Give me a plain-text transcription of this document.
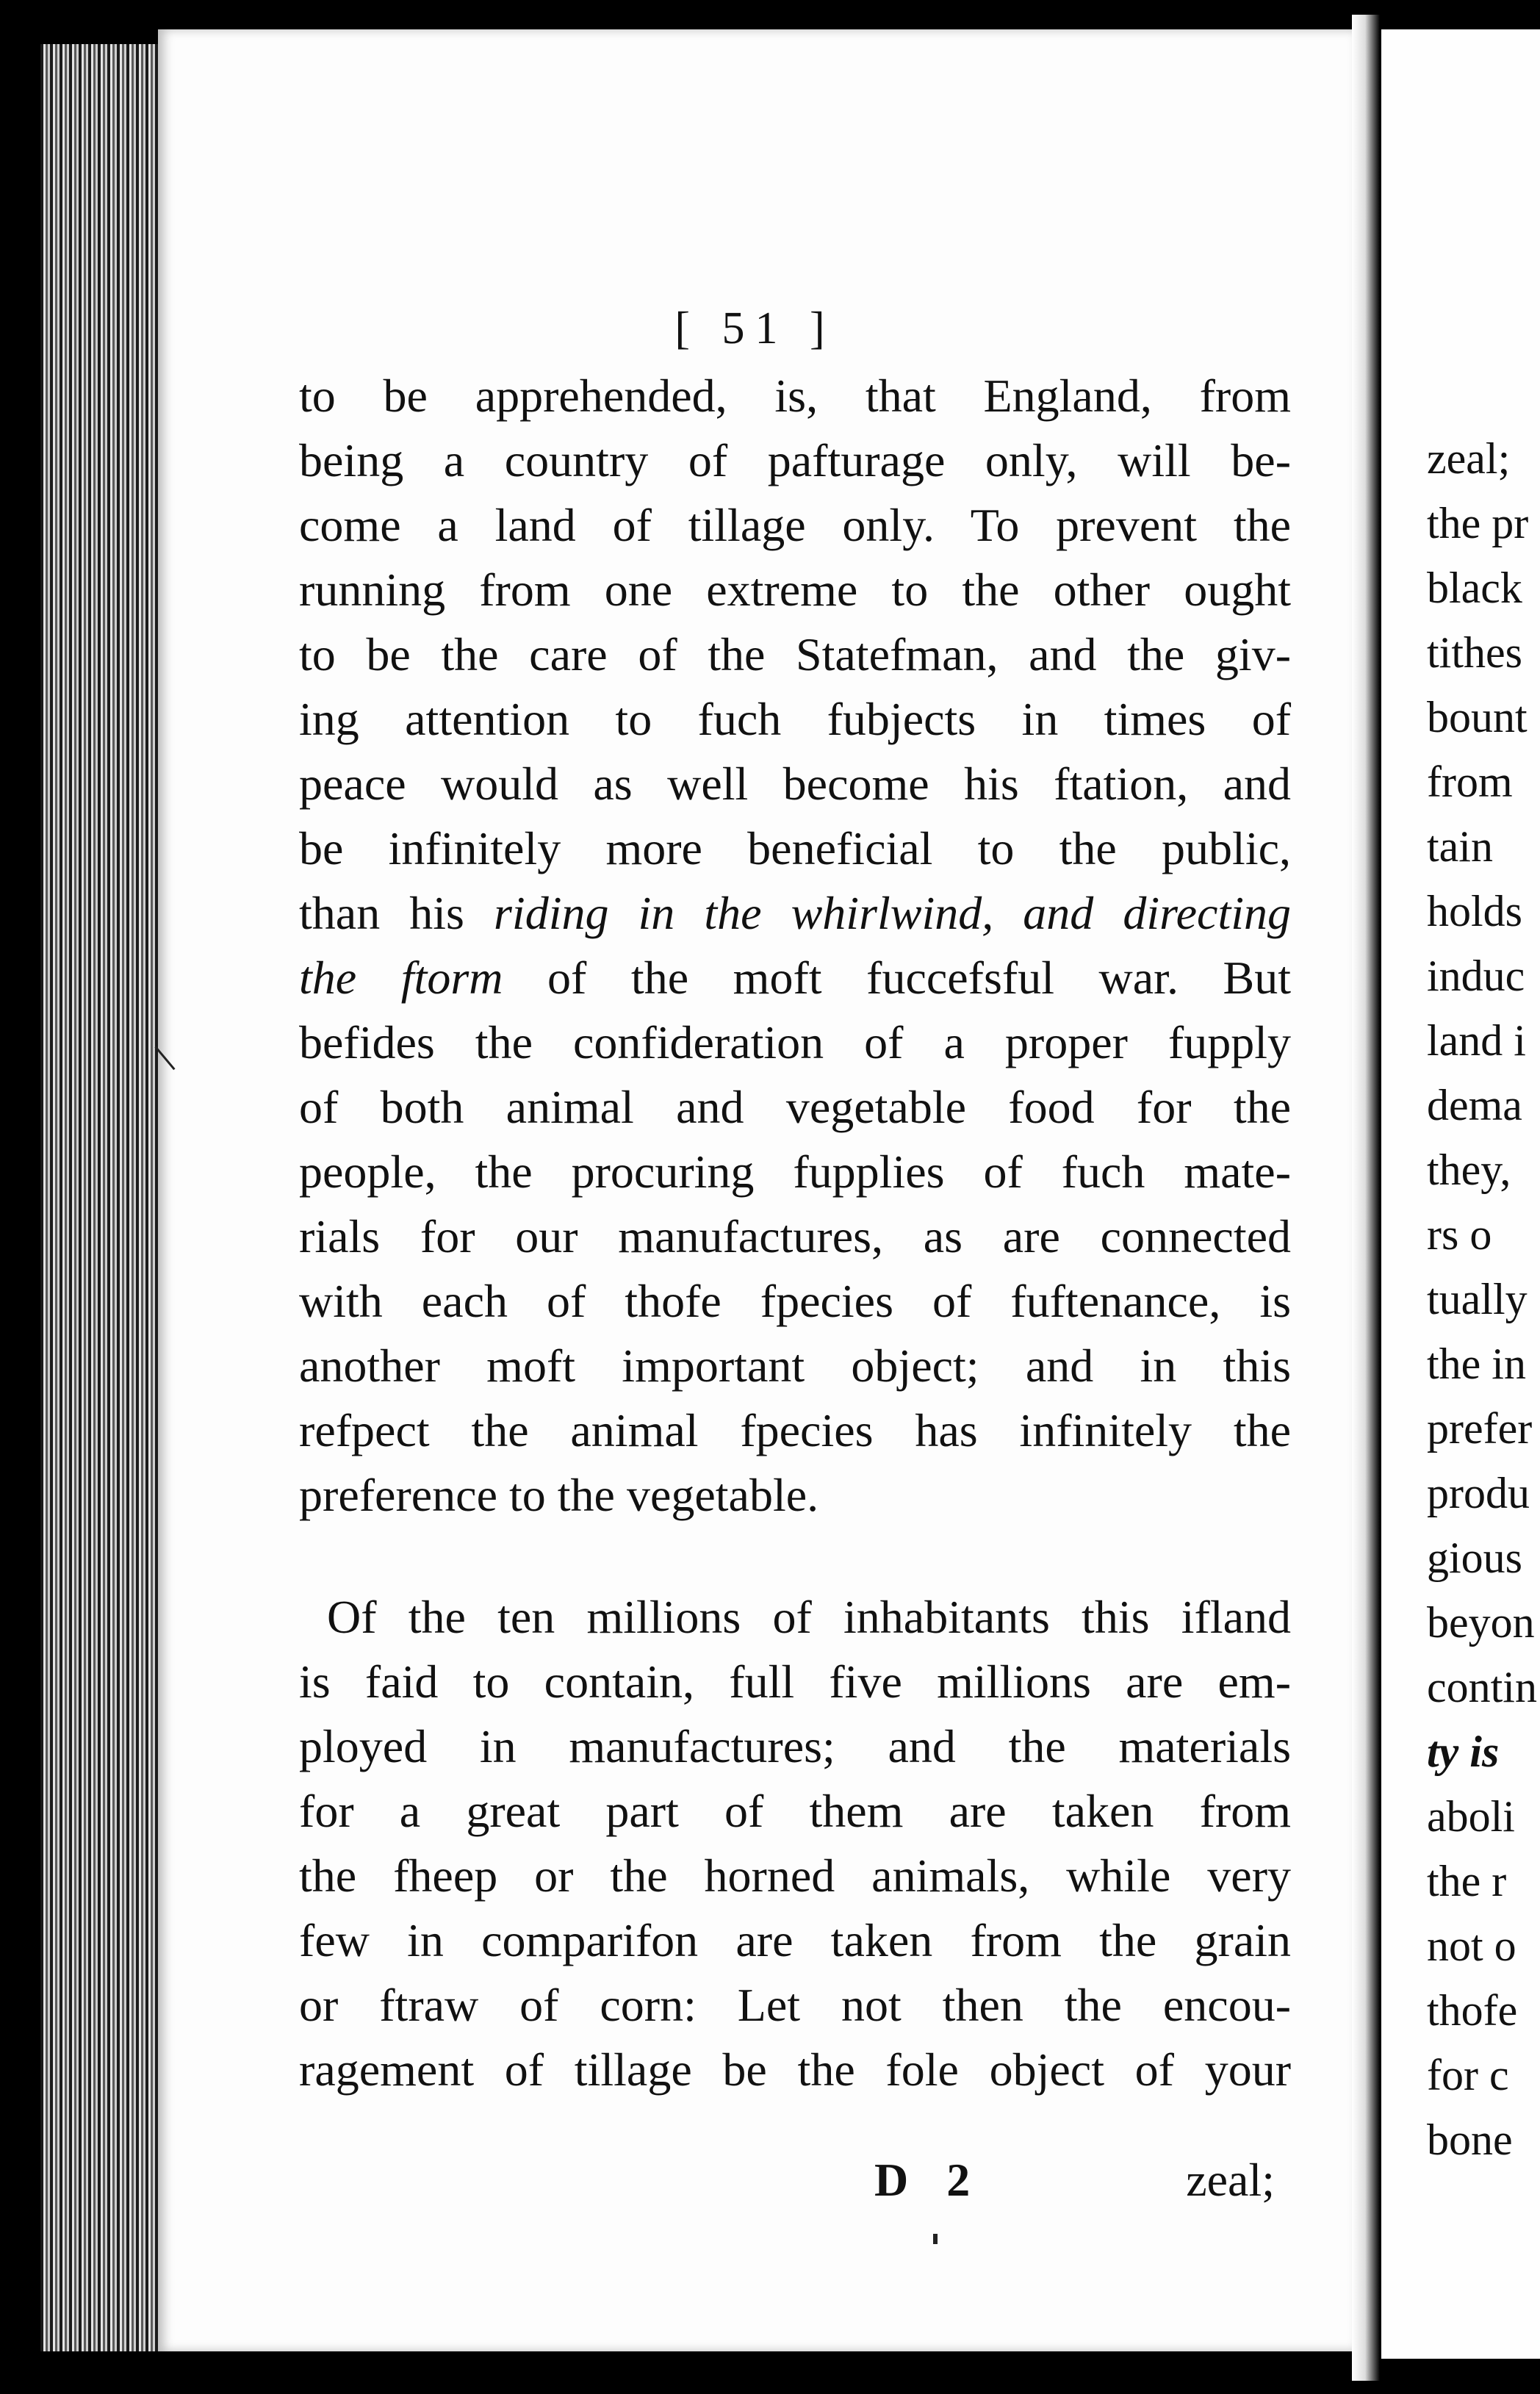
[ 51 ]
to be apprehended, is, that England, from
being a country of pafturage only, will be-
come a land of tillage only. To prevent the
running from one extreme to the other ought
to be the care of the Statefman, and the giv-
ing attention to fuch fubjects in times of
peace would as well become his ftation, and
be infinitely more beneficial to the public,
than his riding in the whirlwind, and directing
the ftorm of the moft fuccefsful war. But
befides the confideration of a proper fupply
of both animal and vegetable food for the
people, the procuring fupplies of fuch mate-
rials for our manufactures, as are connected
with each of thofe fpecies of fuftenance, is
another moft important object; and in this
refpect the animal fpecies has infinitely the
preference to the vegetable.
Of the ten millions of inhabitants this ifland
is faid to contain, full five millions are em-
ployed in manufactures; and the materials
for a great part of them are taken from
the fheep or the horned animals, while very
few in comparifon are taken from the grain
or ftraw of corn: Let not then the encou-
ragement of tillage be the fole object of your
D 2	zeal;
zeal;
the pr
black
tithes
bount
from
tain
holds
induc
land i
dema
they,
rs o
tually
the in
prefer
produ
gious
beyon
contin
ty is
aboli
the r
not o
thofe
for c
bone
